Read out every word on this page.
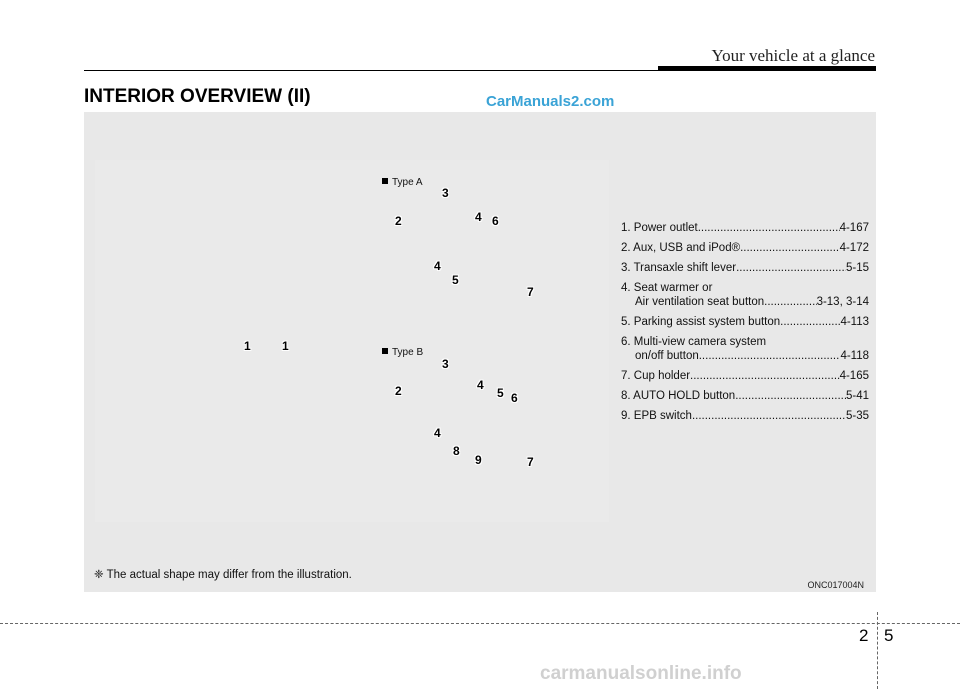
Your vehicle at a glance
INTERIOR OVERVIEW (II)	CarManuals2.com
Type A
Type B
1	1
2
3
4 6
4
5
7
3
2	4
5 6
4
8
9	7
1. Power outlet .....	4-167
2. Aux, USB and iPod® .....	4-172
3. Transaxle shift lever .....	5-15
4. Seat warmer or
Air ventilation seat button .....	3-13, 3-14
5. Parking assist system button .....	4-113
6. Multi-view camera system
on/off button .....	4-118
7. Cup holder .....	4-165
8. AUTO HOLD button .....	5-41
9. EPB switch .....	5-35
❈ The actual shape may differ from the illustration.
ONC017004N
2 5
carmanualsonline.info
